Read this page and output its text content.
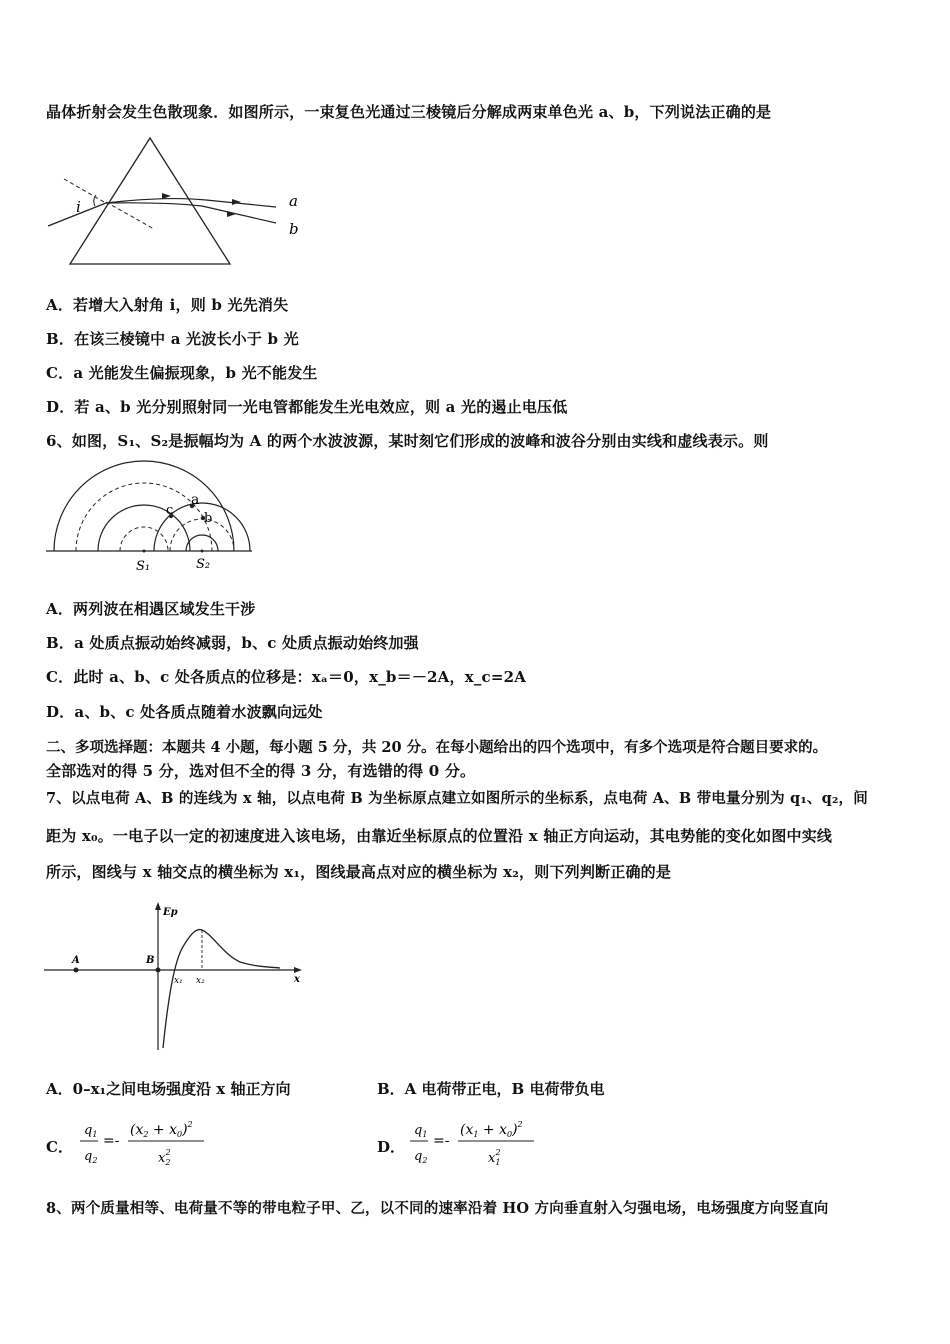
晶体折射会发生色散现象．如图所示，一束复色光通过三棱镜后分解成两束单色光 a、b，下列说法正确的是
i	a
b
A．若增大入射角 i，则 b 光先消失
B．在该三棱镜中 a 光波长小于 b 光
C．a 光能发生偏振现象，b 光不能发生
D．若 a、b 光分别照射同一光电管都能发生光电效应，则 a 光的遏止电压低
6、如图，S₁、S₂是振幅均为 A 的两个水波波源，某时刻它们形成的波峰和波谷分别由实线和虚线表示。则
a
b
c
S₁	S₂
A．两列波在相遇区域发生干涉
B．a 处质点振动始终减弱，b、c 处质点振动始终加强
C．此时 a、b、c 处各质点的位移是：xₐ＝0，x_b＝－2A，x_c=2A
D．a、b、c 处各质点随着水波飘向远处
二、多项选择题：本题共 4 小题，每小题 5 分，共 20 分。在每小题给出的四个选项中，有多个选项是符合题目要求的。
全部选对的得 5 分，选对但不全的得 3 分，有选错的得 0 分。
7、以点电荷 A、B 的连线为 x 轴，以点电荷 B 为坐标原点建立如图所示的坐标系，点电荷 A、B 带电量分别为 q₁、q₂，间
距为 x₀。一电子以一定的初速度进入该电场，由靠近坐标原点的位置沿 x 轴正方向运动，其电势能的变化如图中实线
所示，图线与 x 轴交点的横坐标为 x₁，图线最高点对应的横坐标为 x₂，则下列判断正确的是
Ep
x
A	B
x₁ x₂
A．0–x₁之间电场强度沿 x 轴正方向	B．A 电荷带正电，B 电荷带负电
C．
$q_1$
$q_2$
=-
$(x_2 + x_0)^2$
$x_22$	D．
$q_1$
$q_2$
=-
$(x_1 + x_0)^2$
$x_12$
8、两个质量相等、电荷量不等的带电粒子甲、乙，以不同的速率沿着 HO 方向垂直射入匀强电场，电场强度方向竖直向
